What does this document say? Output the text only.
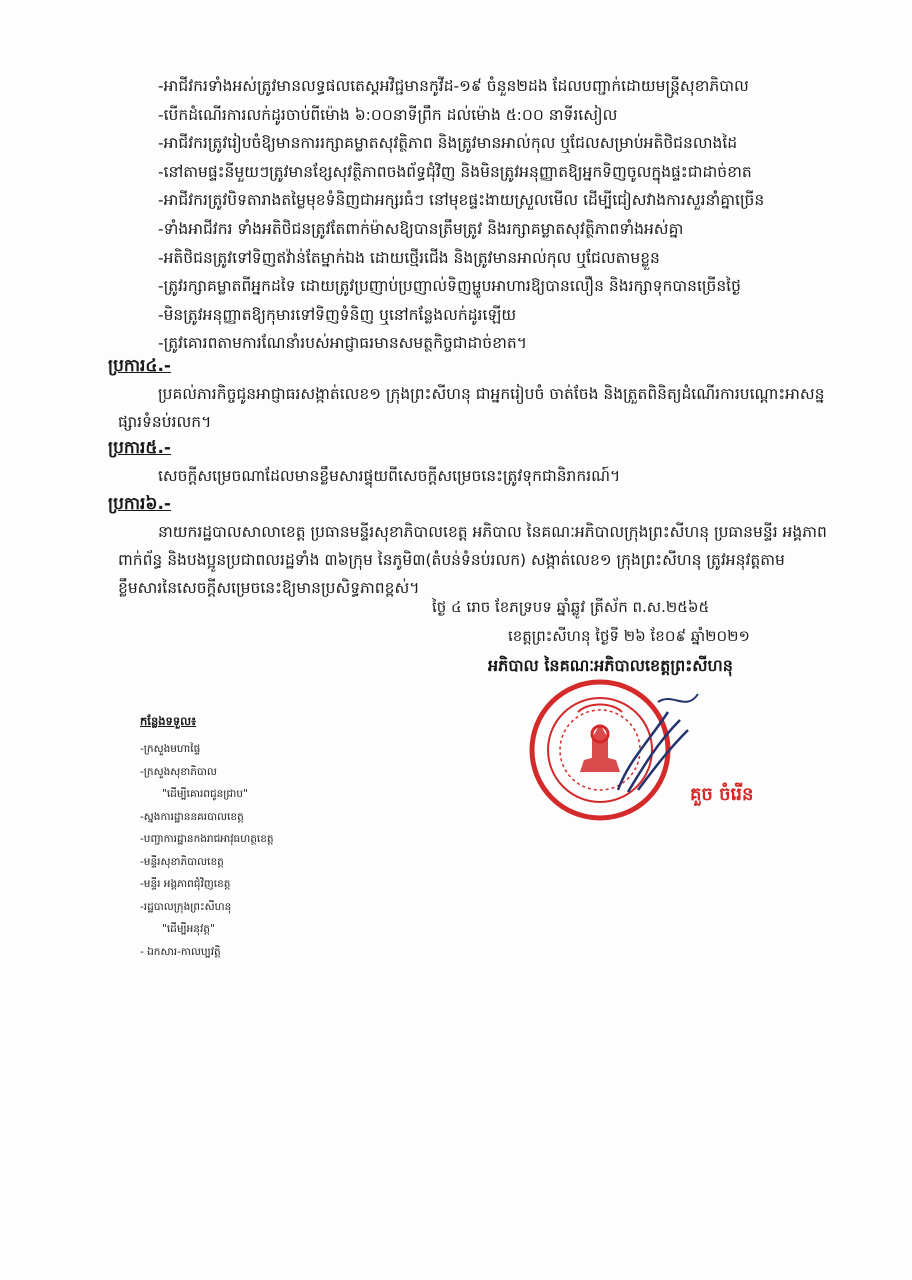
-អាជីវករទាំងអស់ត្រូវមានលទ្ធផលតេស្តអវិជ្ជមានកូវីដ-១៩ ចំនួន២ដង ដែលបញ្ជាក់ដោយមន្ត្រីសុខាភិបាល
-បើកដំណើរការលក់ដូរចាប់ពីម៉ោង ៦:០០នាទីព្រឹក ដល់ម៉ោង ៥:០០ នាទីរសៀល
-អាជីវករត្រូវរៀបចំឱ្យមានការរក្សាគម្លាតសុវត្ថិភាព និងត្រូវមានអាល់កុល ឬជែលសម្រាប់អតិថិជនលាងដៃ
-នៅតាមផ្ទះនីមួយៗត្រូវមានខ្សែសុវត្ថិភាពចងព័ទ្ធជុំវិញ និងមិនត្រូវអនុញ្ញាតឱ្យអ្នកទិញចូលក្នុងផ្ទះជាដាច់ខាត
-អាជីវករត្រូវបិទតារាងតម្លៃមុខទំនិញជាអក្សរធំៗ នៅមុខផ្ទះងាយស្រួលមើល ដើម្បីជៀសវាងការសួរនាំគ្នាច្រើន
-ទាំងអាជីវករ ទាំងអតិថិជនត្រូវតែពាក់ម៉ាសឱ្យបានត្រឹមត្រូវ និងរក្សាគម្លាតសុវត្ថិភាពទាំងអស់គ្នា
-អតិថិជនត្រូវទៅទិញឥវ៉ាន់តែម្នាក់ឯង ដោយថ្មើរជើង និងត្រូវមានអាល់កុល ឬជែលតាមខ្លួន
-ត្រូវរក្សាគម្លាតពីអ្នកដទៃ ដោយត្រូវប្រញាប់ប្រញាល់ទិញម្ហូបអាហារឱ្យបានលឿន និងរក្សាទុកបានច្រើនថ្ងៃ
-មិនត្រូវអនុញ្ញាតឱ្យកុមារទៅទិញទំនិញ ឬនៅកន្លែងលក់ដូរឡើយ
-ត្រូវគោរពតាមការណែនាំរបស់អាជ្ញាធរមានសមត្ថកិច្ចជាដាច់ខាត។
ប្រការ៤.-
ប្រគល់ភារកិច្ចជូនអាជ្ញាធរសង្កាត់លេខ១ ក្រុងព្រះសីហនុ ជាអ្នករៀបចំ ចាត់ចែង និងត្រួតពិនិត្យដំណើរការបណ្ដោះអាសន្នផ្សារទំនប់រលក។
ប្រការ៥.-
សេចក្ដីសម្រេចណាដែលមានខ្លឹមសារផ្ទុយពីសេចក្ដីសម្រេចនេះត្រូវទុកជានិរាករណ៍។
ប្រការ៦.-
នាយករដ្ឋបាលសាលាខេត្ត ប្រធានមន្ទីរសុខាភិបាលខេត្ត អភិបាល នៃគណៈអភិបាលក្រុងព្រះសីហនុ ប្រធានមន្ទីរ អង្គភាពពាក់ព័ន្ធ និងបងប្អូនប្រជាពលរដ្ឋទាំង ៣៦ក្រុម នៃភូមិ៣(តំបន់ទំនប់រលក) សង្កាត់លេខ១ ក្រុងព្រះសីហនុ ត្រូវអនុវត្តតាមខ្លឹមសារនៃសេចក្ដីសម្រេចនេះឱ្យមានប្រសិទ្ធភាពខ្ពស់។
ថ្ងៃ ៤ រោច ខែភទ្របទ ឆ្នាំឆ្លូវ ត្រីស័ក ព.ស.២៥៦៥
ខេត្តព្រះសីហនុ ថ្ងៃទី ២៦ ខែ០៩ ឆ្នាំ២០២១
អភិបាល នៃគណៈអភិបាលខេត្តព្រះសីហនុ
គួច ចំរើន
កន្លែងទទួល៖
-ក្រសួងមហាផ្ទៃ
-ក្រសួងសុខាភិបាល
"ដើម្បីគោរពជូនជ្រាប"
-ស្នងការដ្ឋាននគរបាលខេត្ត
-បញ្ជាការដ្ឋានកងរាជអាវុធហត្ថខេត្ត
-មន្ទីរសុខាភិបាលខេត្ត
-មន្ទីរ អង្គភាពជុំវិញខេត្ត
-រដ្ឋបាលក្រុងព្រះសីហនុ
"ដើម្បីអនុវត្ត"
- ឯកសារ-កាលប្បវត្តិ
